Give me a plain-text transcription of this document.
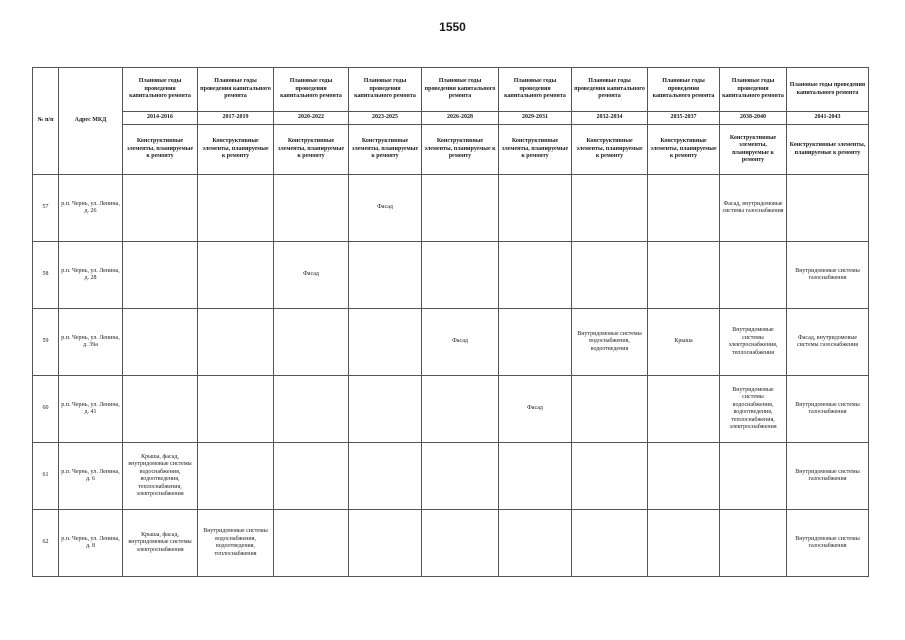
1550
№ п/п	Адрес МКД	Плановые годы проведения капитального ремонта	Плановые годы проведения капитального ремонта	Плановые годы проведения капитального ремонта	Плановые годы проведения капитального ремонта	Плановые годы проведения капитального ремонта	Плановые годы проведения капитального ремонта	Плановые годы проведения капитального ремонта	Плановые годы проведения капитального ремонта	Плановые годы проведения капитального ремонта	Плановые годы проведения капитального ремонта
		2014-2016	2017-2019	2020-2022	2023-2025	2026-2028	2029-2031	2032-2034	2035-2037	2038-2040	2041-2043
		Конструктивные элементы, планируемые к ремонту	Конструктивные элементы, планируемые к ремонту	Конструктивные элементы, планируемые к ремонту	Конструктивные элементы, планируемые к ремонту	Конструктивные элементы, планируемые к ремонту	Конструктивные элементы, планируемые к ремонту	Конструктивные элементы, планируемые к ремонту	Конструктивные элементы, планируемые к ремонту	Конструктивные элементы, планируемые к ремонту	Конструктивные элементы, планируемые к ремонту
57	р.п. Чернь, ул. Ленина, д. 26				Фасад					Фасад, внутридомовые системы газоснабжения	
58	р.п. Чернь, ул. Ленина, д. 28			Фасад							Внутридомовые системы газоснабжения
59	р.п. Чернь, ул. Ленина, д. 39а					Фасад		Внутридомовые системы водоснабжения, водоотведения	Крыша	Внутридомовые системы электроснабжения, теплоснабжения	Фасад, внутридомовые системы газоснабжения
60	р.п. Чернь, ул. Ленина, д. 41						Фасад			Внутридомовые системы водоснабжения, водоотведения, теплоснабжения, электроснабжения	Внутридомовые системы газоснабжения
61	р.п. Чернь, ул. Ленина, д. 6	Крыша, фасад, внутридомовые системы водоснабжения, водоотведения, теплоснабжения, электроснабжения									Внутридомовые системы газоснабжения
62	р.п. Чернь, ул. Ленина, д. 8	Крыша, фасад, внутридомовые системы электроснабжения	Внутридомовые системы водоснабжения, водоотведения, теплоснабжения								Внутридомовые системы газоснабжения
